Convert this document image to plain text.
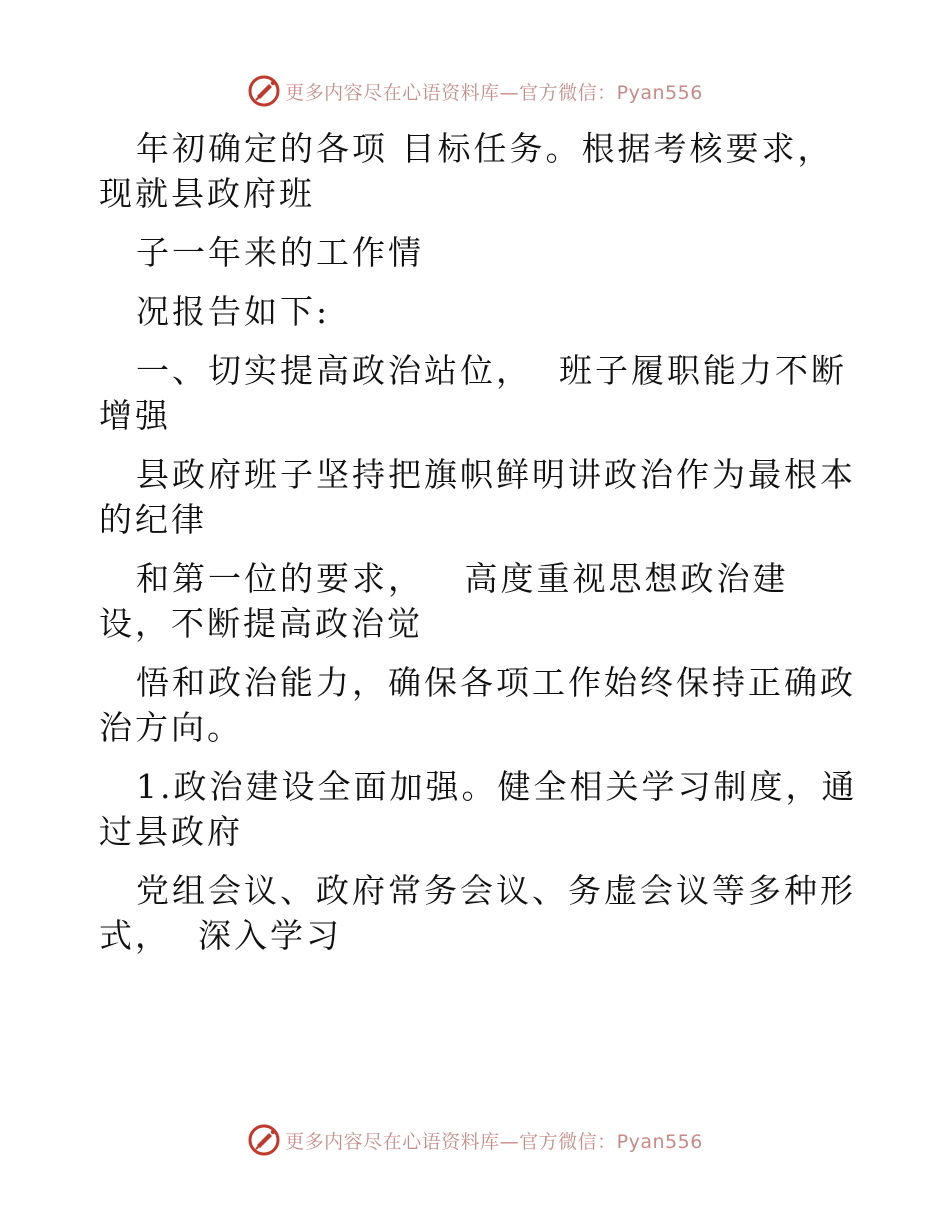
更多内容尽在心语资料库—官方微信：Pyan556

年初确定的各项 目标任务。根据考核要求，现就县政府班

子一年来的工作情

况报告如下:

一、切实提高政治站位，  班子履职能力不断增强

县政府班子坚持把旗帜鲜明讲政治作为最根本的纪律

和第一位的要求，   高度重视思想政治建设，不断提高政治觉

悟和政治能力，确保各项工作始终保持正确政治方向。

1.政治建设全面加强。健全相关学习制度，通过县政府

党组会议、政府常务会议、务虚会议等多种形式，  深入学习

更多内容尽在心语资料库—官方微信：Pyan556
